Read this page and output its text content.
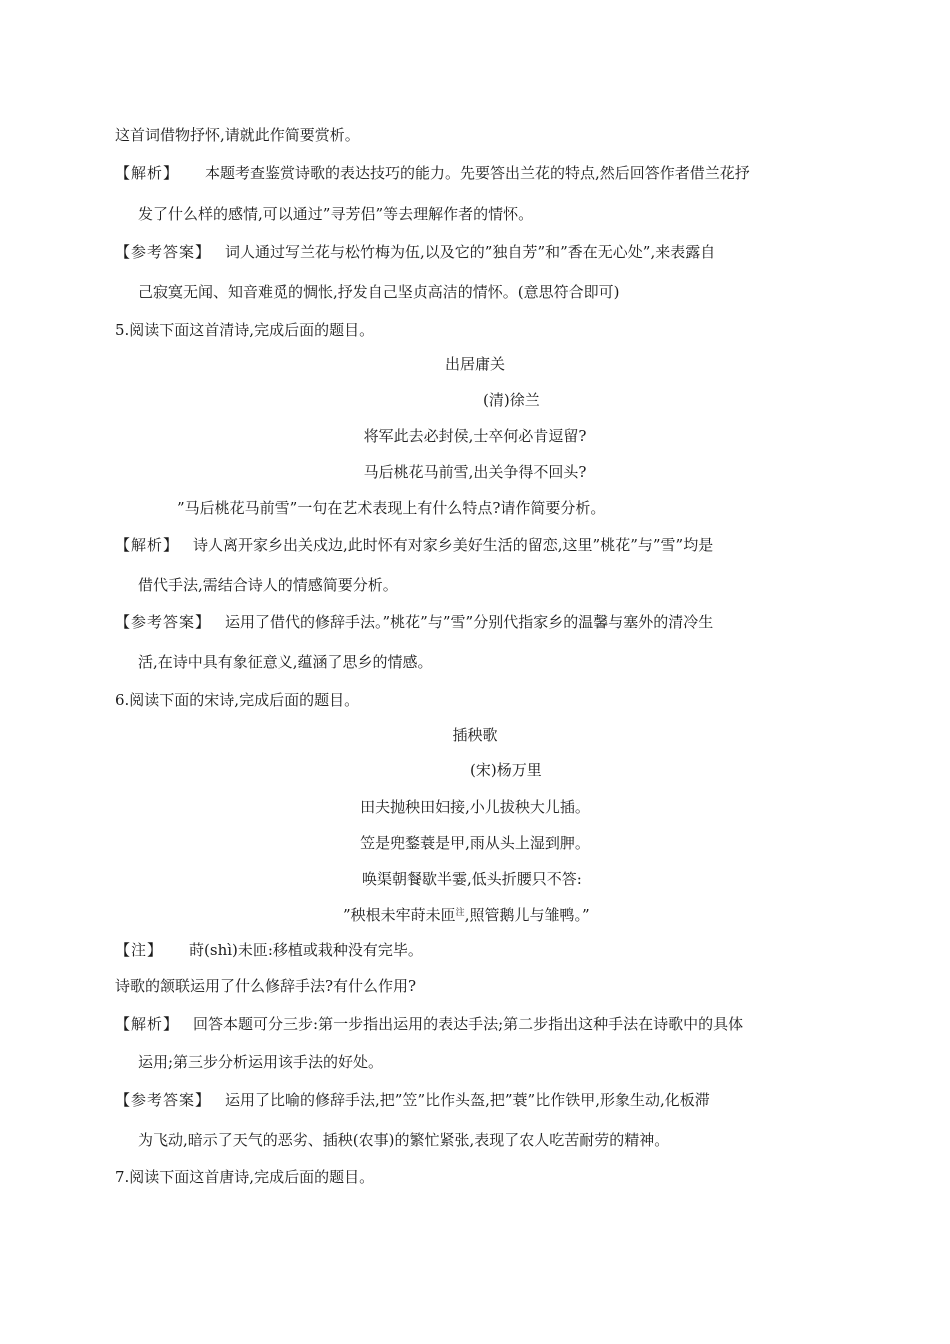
这首词借物抒怀,请就此作简要赏析。
【解析】 本题考查鉴赏诗歌的表达技巧的能力。先要答出兰花的特点,然后回答作者借兰花抒
发了什么样的感情,可以通过”寻芳侣”等去理解作者的情怀。
【参考答案】 词人通过写兰花与松竹梅为伍,以及它的”独自芳”和”香在无心处”,来表露自
己寂寞无闻、知音难觅的惆怅,抒发自己坚贞高洁的情怀。(意思符合即可)
5.阅读下面这首清诗,完成后面的题目。
出居庸关
(清)徐兰
将军此去必封侯,士卒何必肯逗留?
马后桃花马前雪,出关争得不回头?
”马后桃花马前雪”一句在艺术表现上有什么特点?请作简要分析。
【解析】 诗人离开家乡出关戍边,此时怀有对家乡美好生活的留恋,这里”桃花”与”雪”均是
借代手法,需结合诗人的情感简要分析。
【参考答案】 运用了借代的修辞手法。”桃花”与”雪”分别代指家乡的温馨与塞外的清冷生
活,在诗中具有象征意义,蕴涵了思乡的情感。
6.阅读下面的宋诗,完成后面的题目。
插秧歌
(宋)杨万里
田夫抛秧田妇接,小儿拔秧大儿插。
笠是兜鍪蓑是甲,雨从头上湿到胛。
唤渠朝餐歇半霎,低头折腰只不答:
”秧根未牢莳未匝$^注$,照管鹅儿与雏鸭。”
【注】 莳(shì)未匝:移植或栽种没有完毕。
诗歌的颔联运用了什么修辞手法?有什么作用?
【解析】 回答本题可分三步:第一步指出运用的表达手法;第二步指出这种手法在诗歌中的具体
运用;第三步分析运用该手法的好处。
【参考答案】 运用了比喻的修辞手法,把”笠”比作头盔,把”蓑”比作铁甲,形象生动,化板滞
为飞动,暗示了天气的恶劣、插秧(农事)的繁忙紧张,表现了农人吃苦耐劳的精神。
7.阅读下面这首唐诗,完成后面的题目。
